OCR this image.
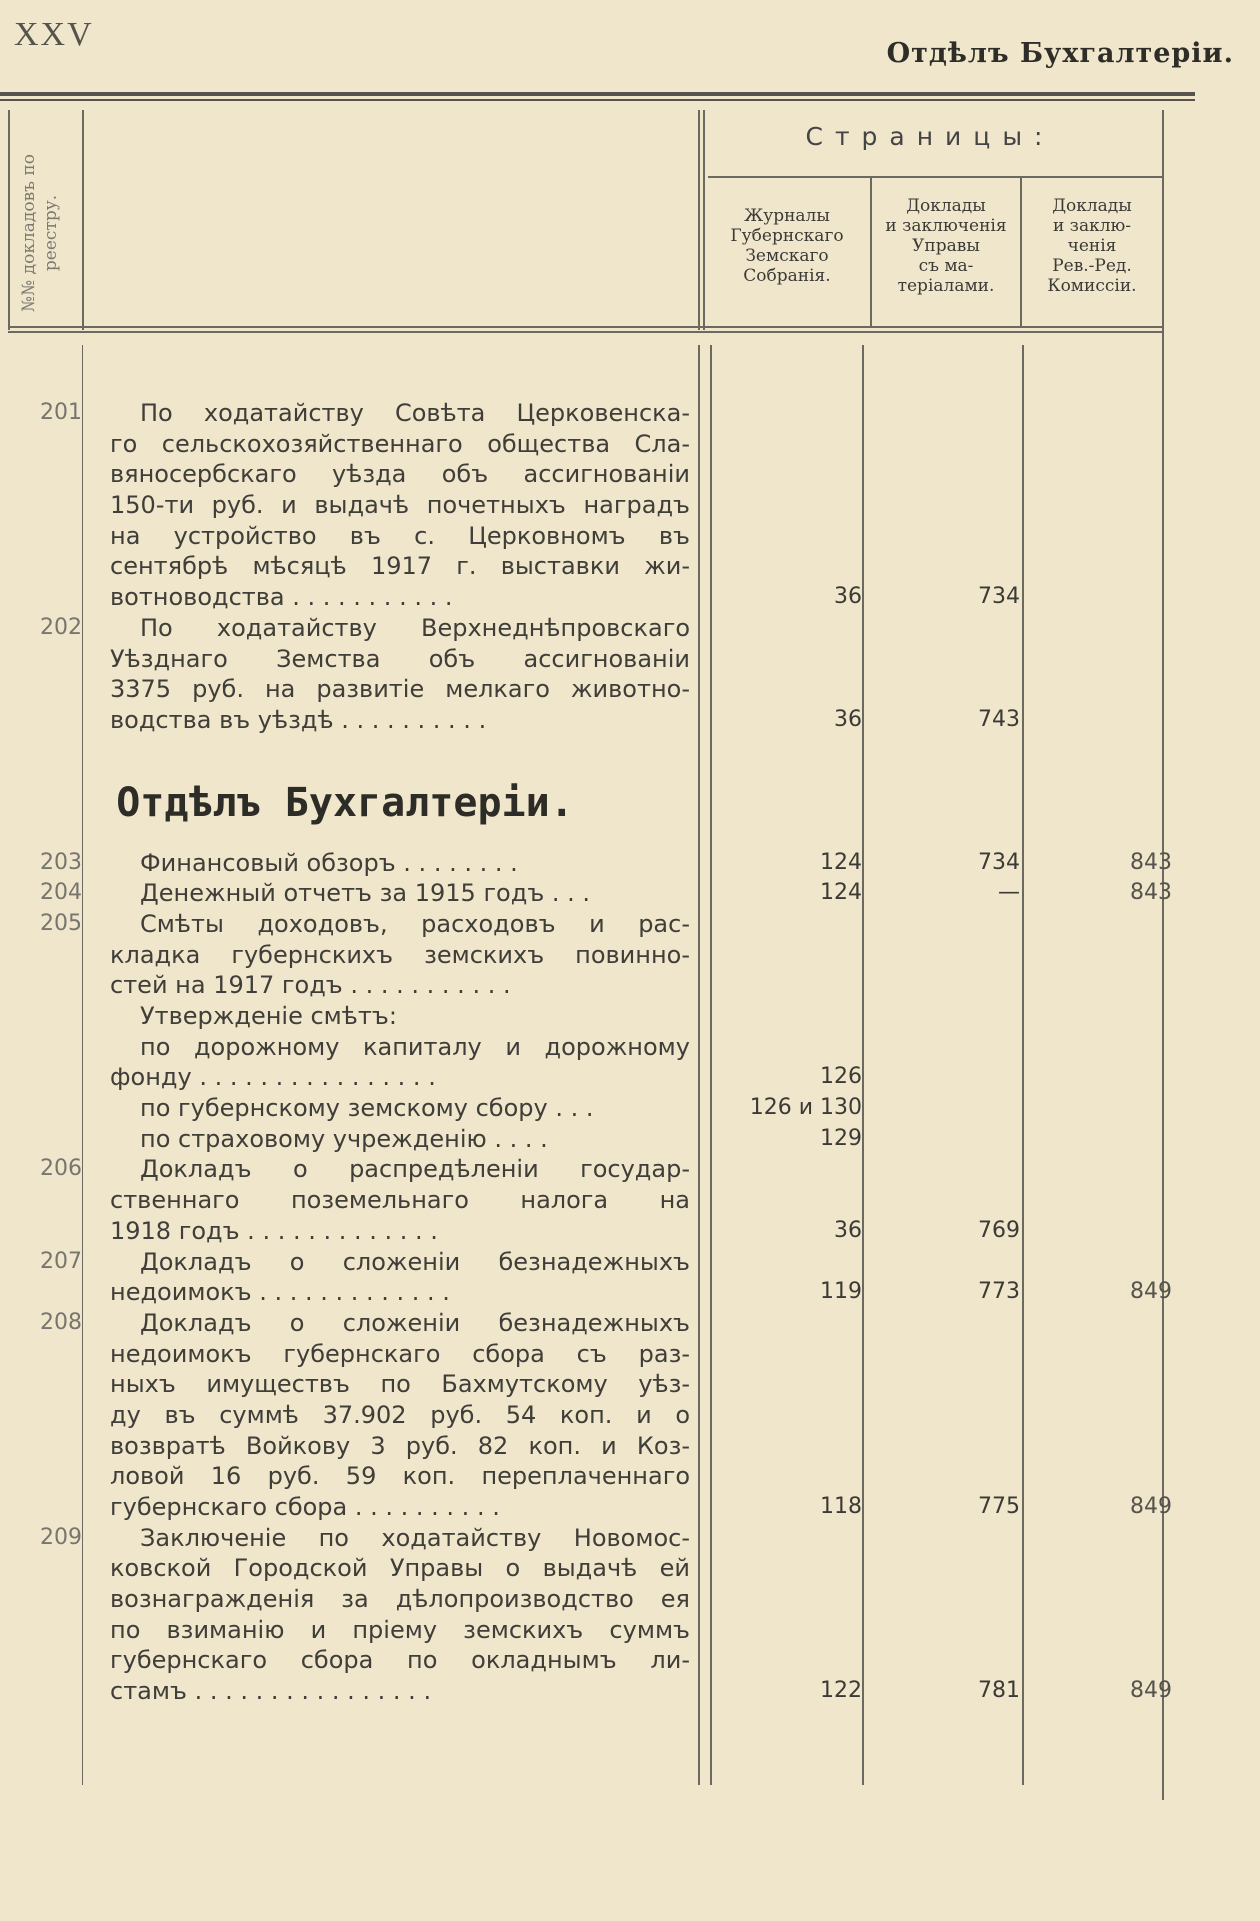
XXV
Отдѣлъ Бухгалтеріи.
№№ докладовъ по реестру.
Страницы:
Журналы
Губернскаго
Земскаго
Собранія.
Доклады
и заключенія
Управы
съ ма-
теріалами.
Доклады
и заклю-
ченія
Рев.-Ред.
Комиссіи.
201	По ходатайству Совѣта Церковенска-
го сельскохозяйственнаго общества Сла-
вяносербскаго уѣзда объ ассигнованіи
150-ти руб. и выдачѣ почетныхъ наградъ
на устройство въ с. Церковномъ въ
сентябрѣ мѣсяцѣ 1917 г. выставки жи-
вотноводства . . . . . . . . . . .	36	734
202	По ходатайству Верхнеднѣпровскаго
Уѣзднаго Земства объ ассигнованіи
3375 руб. на развитіе мелкаго животно-
водства въ уѣздѣ . . . . . . . . . .	36	743
Отдѣлъ Бухгалтеріи.
203	Финансовый обзоръ . . . . . . . .	124	734	843
204	Денежный отчетъ за 1915 годъ . . .	124	—	843
205	Смѣты доходовъ, расходовъ и рас-
кладка губернскихъ земскихъ повинно-
стей на 1917 годъ . . . . . . . . . . .
Утвержденіе смѣтъ:
по дорожному капиталу и дорожному
фонду . . . . . . . . . . . . . . . .	126
по губернскому земскому сбору . . .	126 и 130
по страховому учрежденію . . . .	129
206	Докладъ о распредѣленіи государ-
ственнаго поземельнаго налога на
1918 годъ . . . . . . . . . . . . .	36	769
207	Докладъ о сложеніи безнадежныхъ
недоимокъ . . . . . . . . . . . . .	119	773	849
208	Докладъ о сложеніи безнадежныхъ
недоимокъ губернскаго сбора съ раз-
ныхъ имуществъ по Бахмутскому уѣз-
ду въ суммѣ 37.902 руб. 54 коп. и о
возвратѣ Войкову 3 руб. 82 коп. и Коз-
ловой 16 руб. 59 коп. переплаченнаго
губернскаго сбора . . . . . . . . . .	118	775	849
209	Заключеніе по ходатайству Новомос-
ковской Городской Управы о выдачѣ ей
вознагражденія за дѣлопроизводство ея
по взиманію и пріему земскихъ суммъ
губернскаго сбора по окладнымъ ли-
стамъ . . . . . . . . . . . . . . . .	122	781	849
